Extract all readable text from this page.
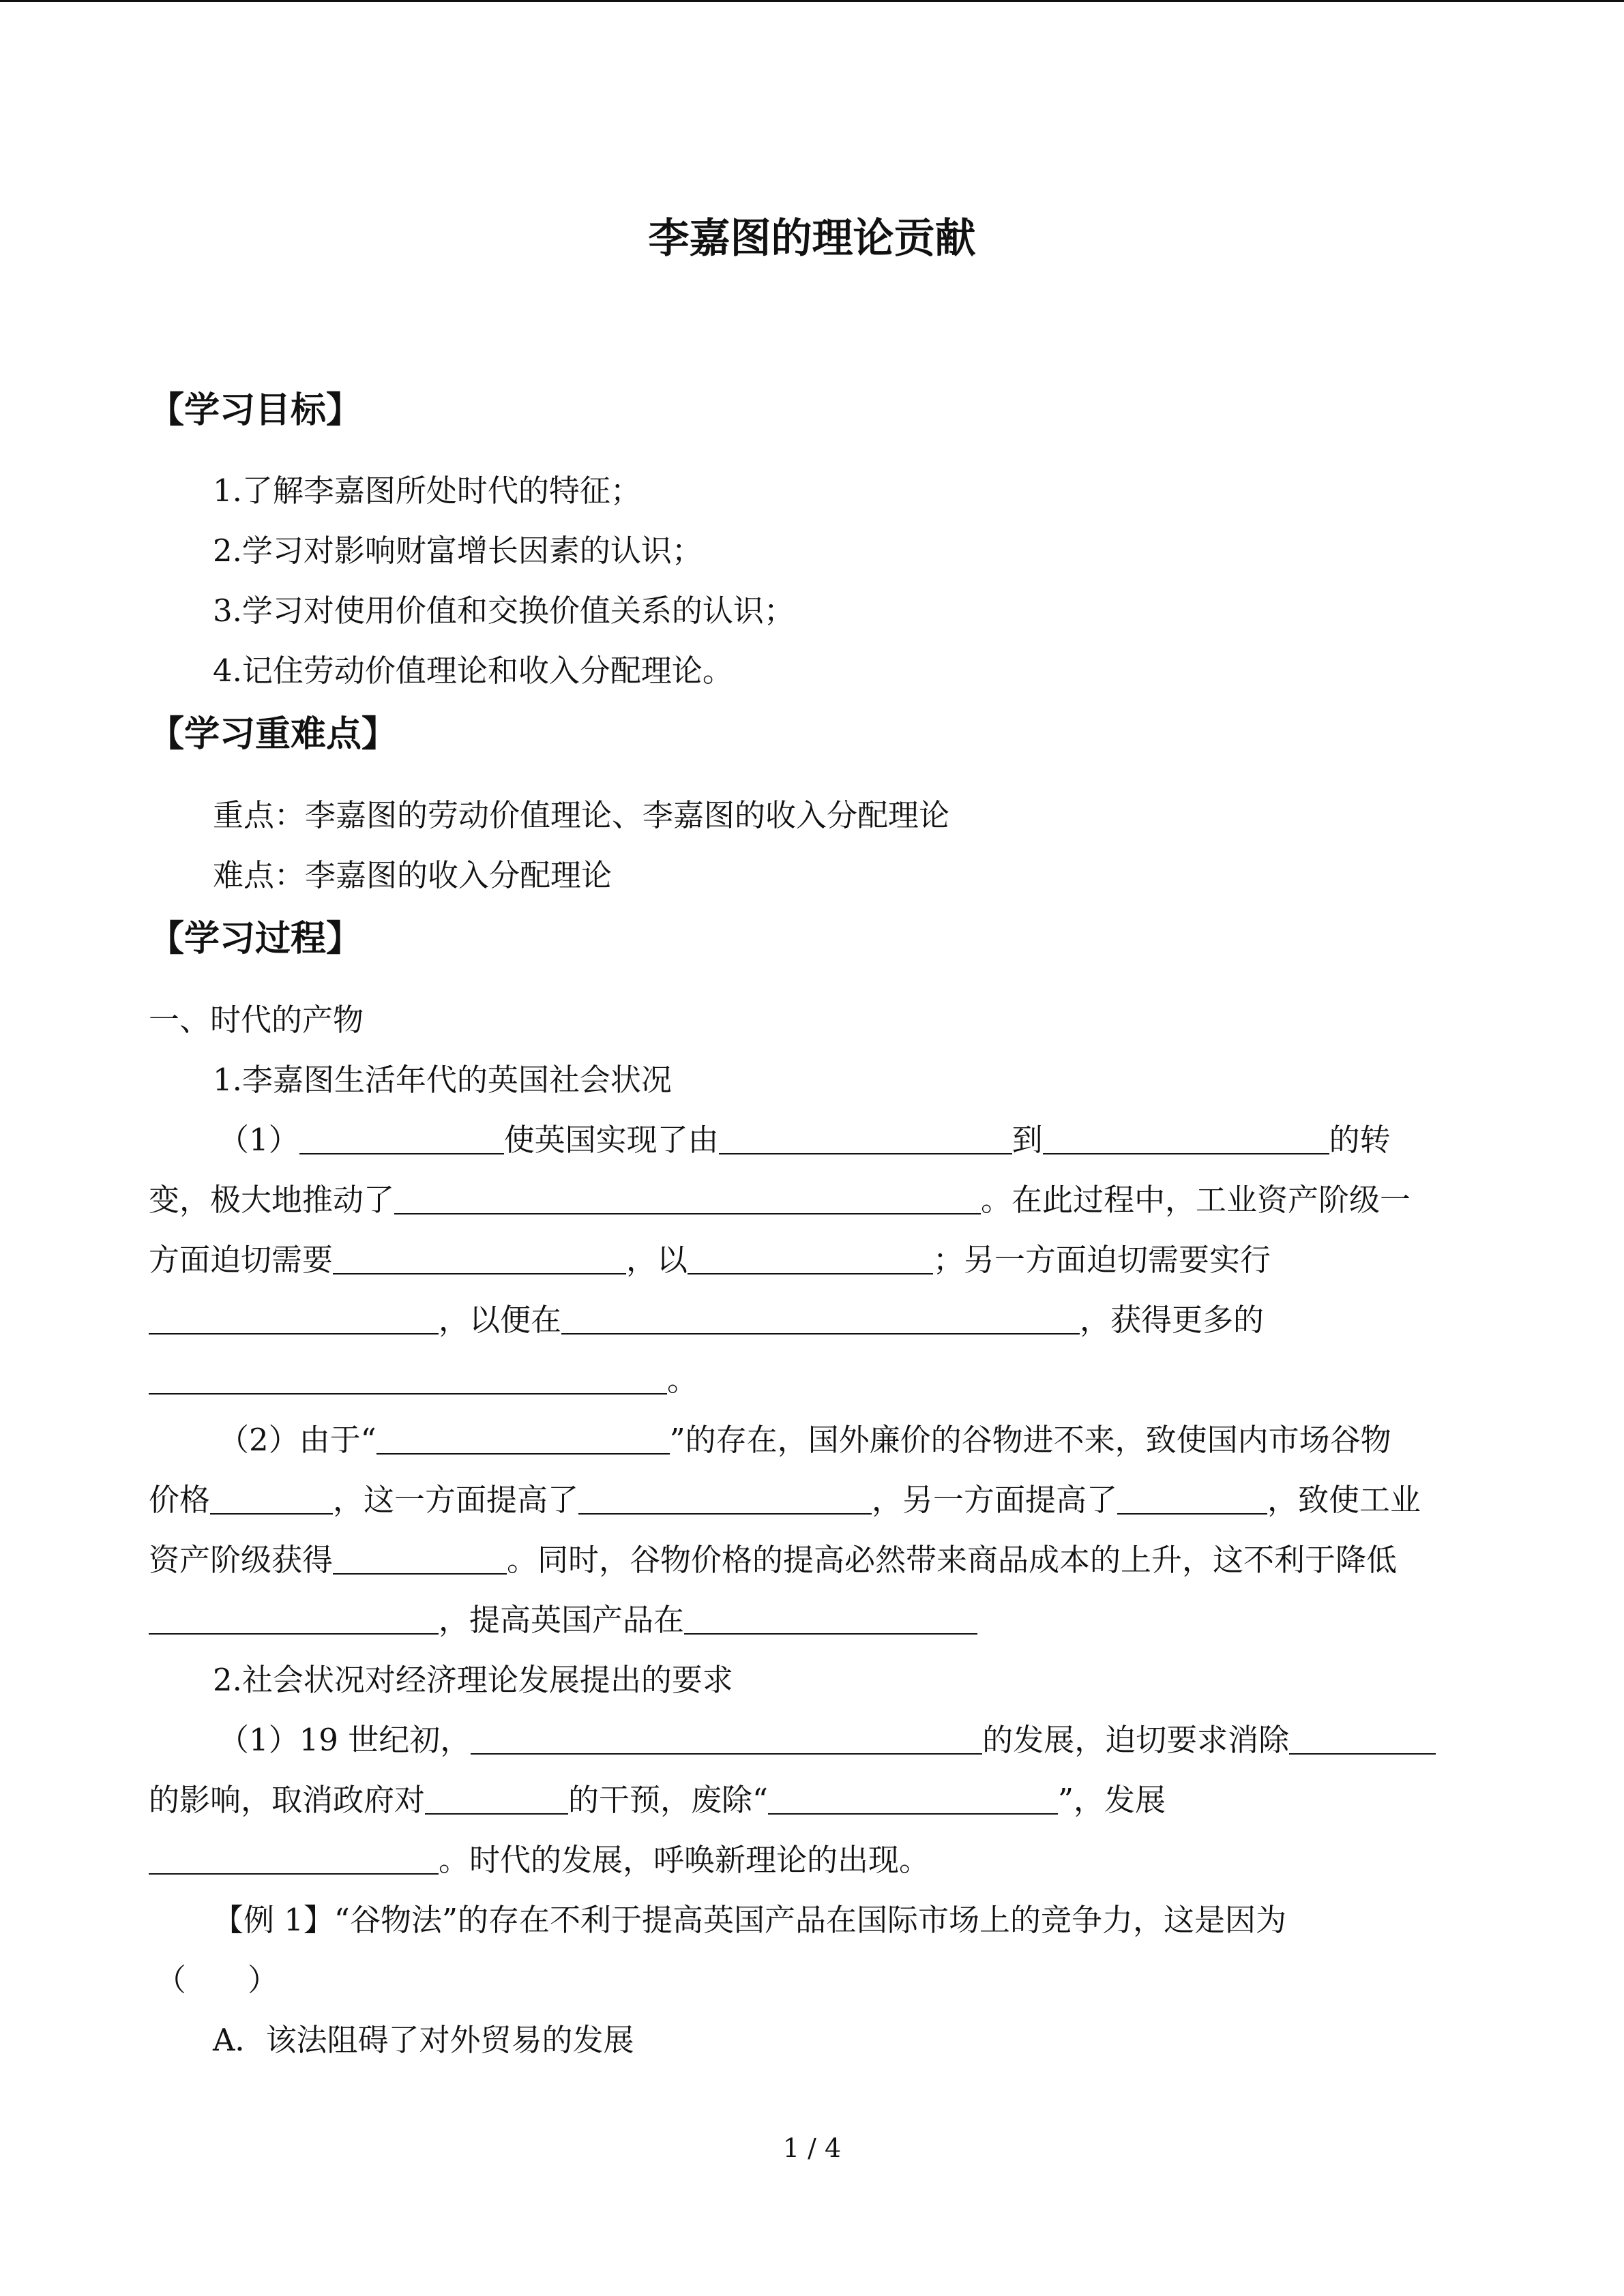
李嘉图的理论贡献
【学习目标】
1.了解李嘉图所处时代的特征；
2.学习对影响财富增长因素的认识；
3.学习对使用价值和交换价值关系的认识；
4.记住劳动价值理论和收入分配理论。
【学习重难点】
重点：李嘉图的劳动价值理论、李嘉图的收入分配理论
难点：李嘉图的收入分配理论
【学习过程】
一、时代的产物
1.李嘉图生活年代的英国社会状况
（1）	使英国实现了由	到	的转
变，极大地推动了	。在此过程中，工业资产阶级一
方面迫切需要	，以	；另一方面迫切需要实行
，以便在	，获得更多的
。
（2）由于“	”的存在，国外廉价的谷物进不来，致使国内市场谷物
价格	，这一方面提高了	，另一方面提高了	，致使工业
资产阶级获得	。同时，谷物价格的提高必然带来商品成本的上升，这不利于降低
，提高英国产品在
2.社会状况对经济理论发展提出的要求
（1）19 世纪初，	的发展，迫切要求消除
的影响，取消政府对	的干预，废除“	”，发展
。时代的发展，呼唤新理论的出现。
【例 1】“谷物法”的存在不利于提高英国产品在国际市场上的竞争力，这是因为
（　　）
A．该法阻碍了对外贸易的发展
1 / 4
